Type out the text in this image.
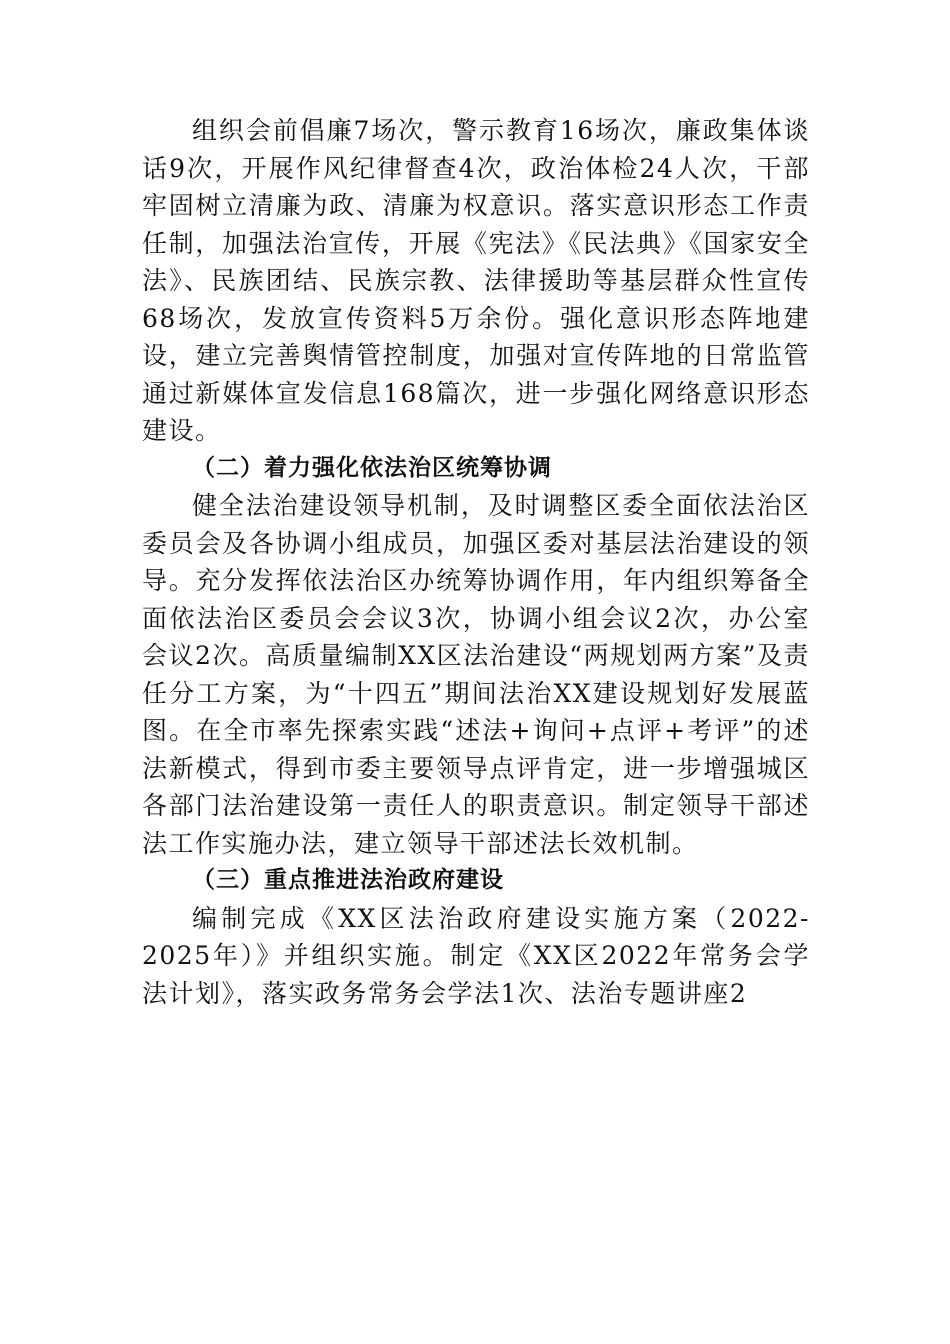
组织会前倡廉7场次，警示教育16场次，廉政集体谈话9次，开展作风纪律督查4次，政治体检24人次，干部牢固树立清廉为政、清廉为权意识。落实意识形态工作责任制，加强法治宣传，开展《宪法》《民法典》《国家安全法》、民族团结、民族宗教、法律援助等基层群众性宣传68场次，发放宣传资料5万余份。强化意识形态阵地建设，建立完善舆情管控制度，加强对宣传阵地的日常监管通过新媒体宣发信息168篇次，进一步强化网络意识形态建设。

（二）着力强化依法治区统筹协调

健全法治建设领导机制，及时调整区委全面依法治区委员会及各协调小组成员，加强区委对基层法治建设的领导。充分发挥依法治区办统筹协调作用，年内组织筹备全面依法治区委员会会议3次，协调小组会议2次，办公室会议2次。高质量编制XX区法治建设“两规划两方案”及责任分工方案，为“十四五”期间法治XX建设规划好发展蓝图。在全市率先探索实践“述法+询问+点评+考评”的述法新模式，得到市委主要领导点评肯定，进一步增强城区各部门法治建设第一责任人的职责意识。制定领导干部述法工作实施办法，建立领导干部述法长效机制。

（三）重点推进法治政府建设

编制完成《XX区法治政府建设实施方案（2022-2025年）》并组织实施。制定《XX区2022年常务会学法计划》，落实政务常务会学法1次、法治专题讲座2
